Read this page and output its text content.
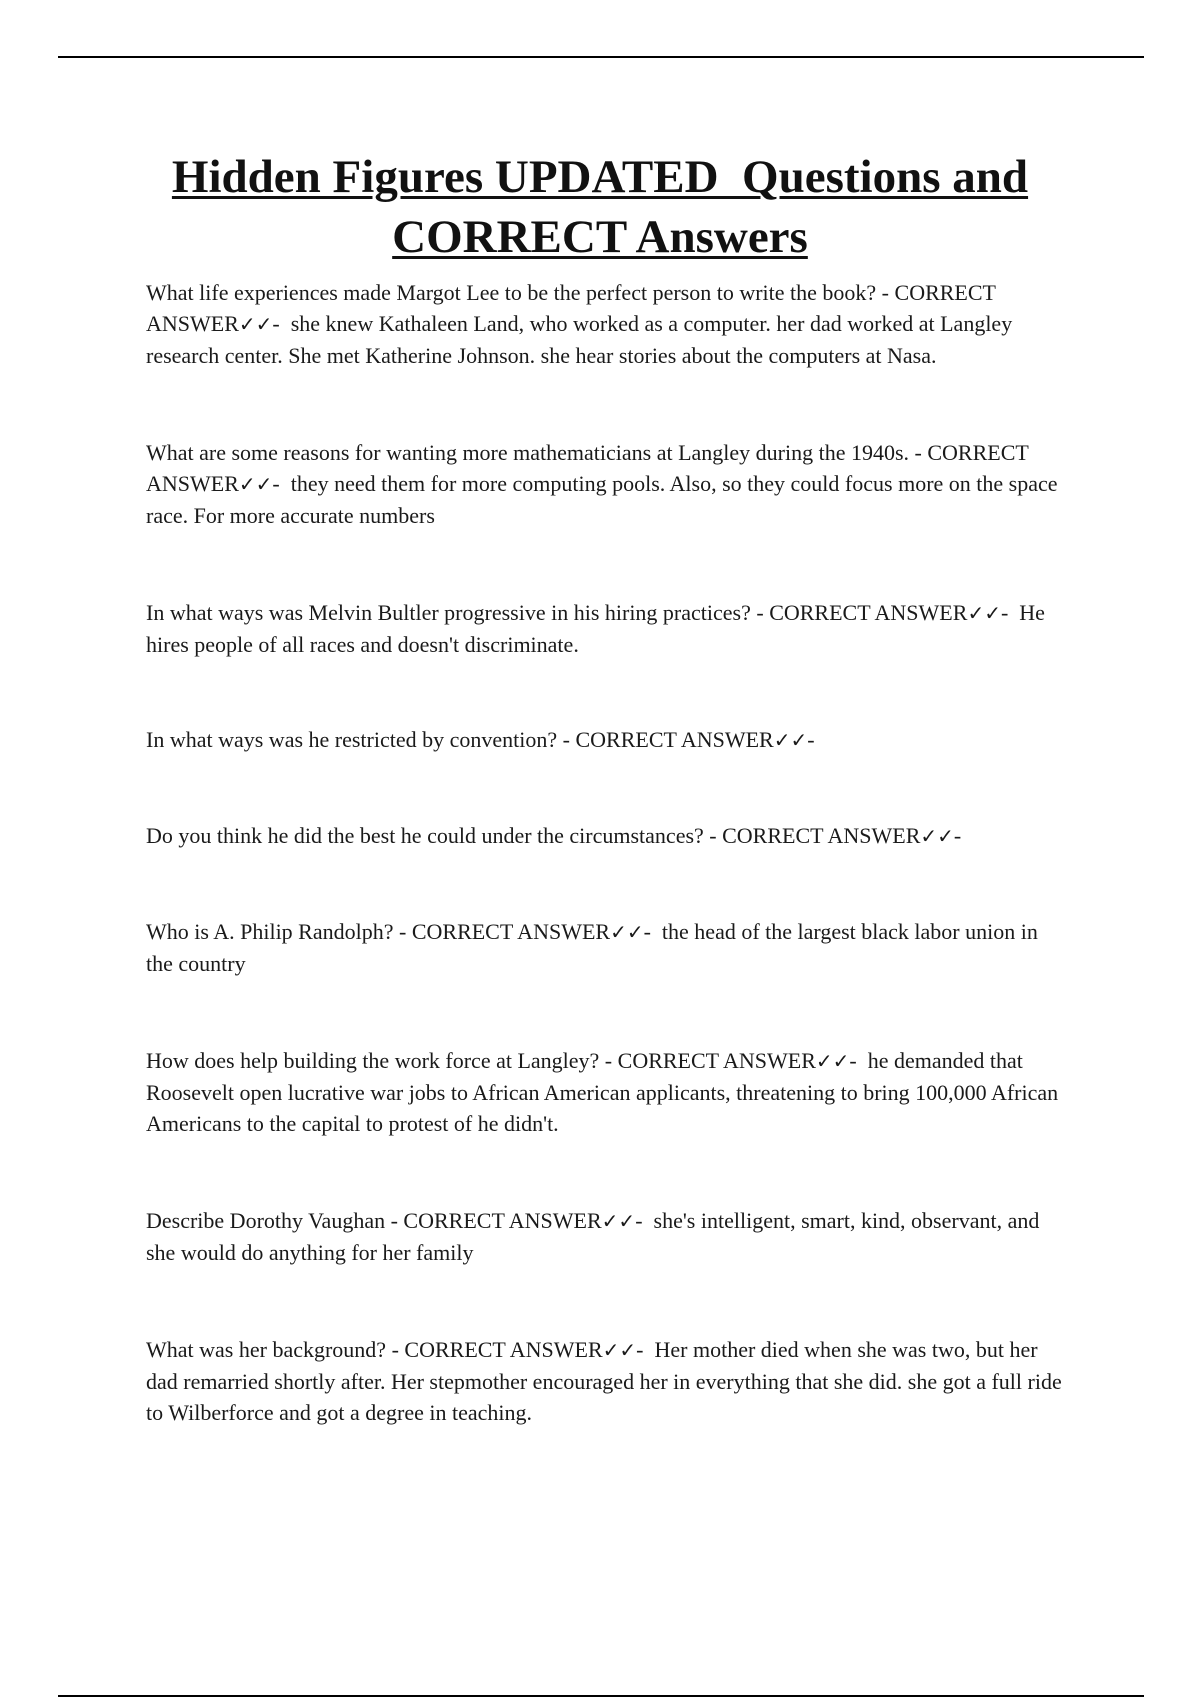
Hidden Figures UPDATED  Questions and
CORRECT Answers

What life experiences made Margot Lee to be the perfect person to write the book? - CORRECT ANSWER✓✓-  she knew Kathaleen Land, who worked as a computer. her dad worked at Langley research center. She met Katherine Johnson. she hear stories about the computers at Nasa.

What are some reasons for wanting more mathematicians at Langley during the 1940s. - CORRECT ANSWER✓✓-  they need them for more computing pools. Also, so they could focus more on the space race. For more accurate numbers

In what ways was Melvin Bultler progressive in his hiring practices? - CORRECT ANSWER✓✓-  He hires people of all races and doesn't discriminate.

In what ways was he restricted by convention? - CORRECT ANSWER✓✓-

Do you think he did the best he could under the circumstances? - CORRECT ANSWER✓✓-

Who is A. Philip Randolph? - CORRECT ANSWER✓✓-  the head of the largest black labor union in the country

How does help building the work force at Langley? - CORRECT ANSWER✓✓-  he demanded that Roosevelt open lucrative war jobs to African American applicants, threatening to bring 100,000 African Americans to the capital to protest of he didn't.

Describe Dorothy Vaughan - CORRECT ANSWER✓✓-  she's intelligent, smart, kind, observant, and she would do anything for her family

What was her background? - CORRECT ANSWER✓✓-  Her mother died when she was two, but her dad remarried shortly after. Her stepmother encouraged her in everything that she did. she got a full ride to Wilberforce and got a degree in teaching.
